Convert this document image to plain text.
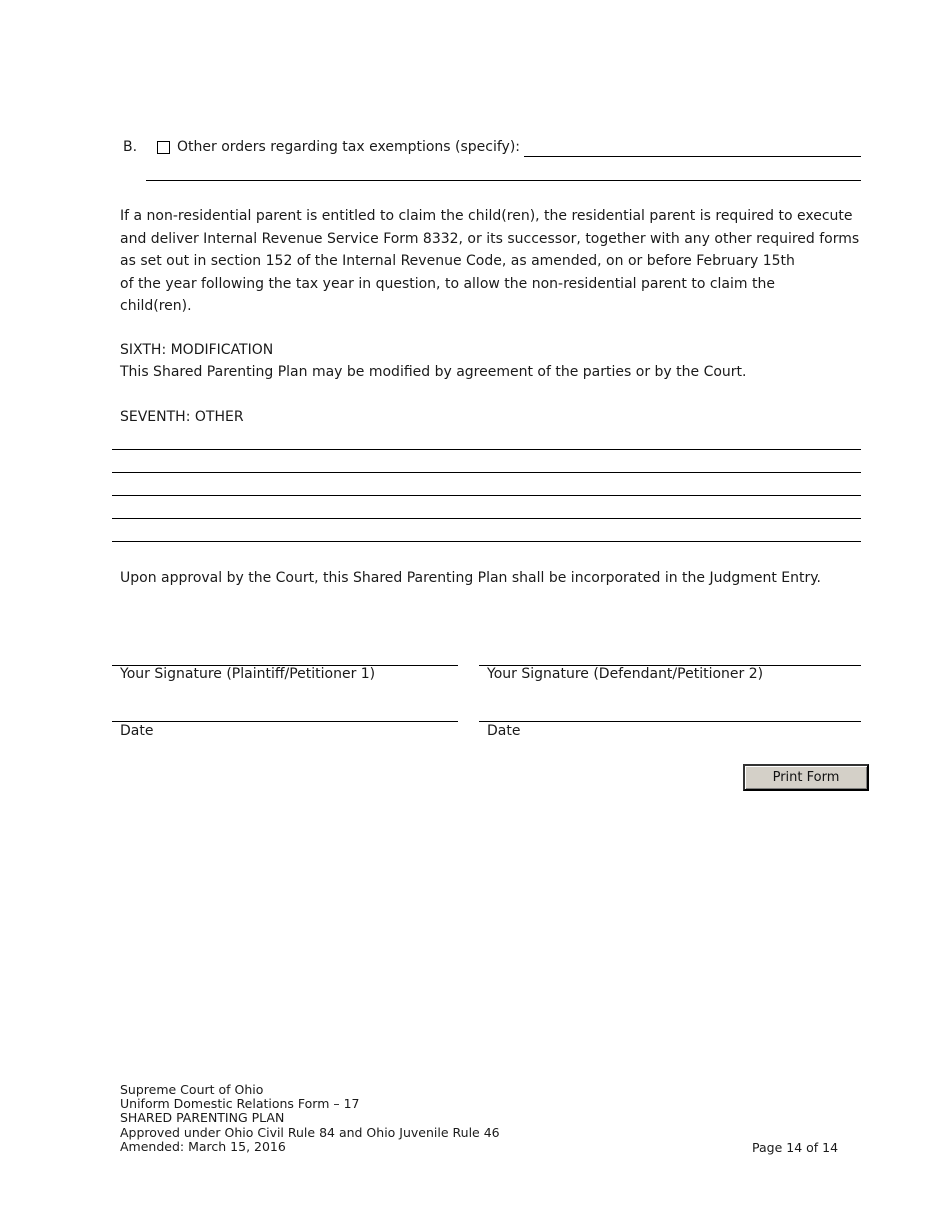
B.	Other orders regarding tax exemptions (specify):
If a non-residential parent is entitled to claim the child(ren), the residential parent is required to execute
and deliver Internal Revenue Service Form 8332, or its successor, together with any other required forms
as set out in section 152 of the Internal Revenue Code, as amended, on or before February 15th
of the year following the tax year in question, to allow the non-residential parent to claim the
child(ren).
SIXTH: MODIFICATION
This Shared Parenting Plan may be modified by agreement of the parties or by the Court.
SEVENTH: OTHER
Upon approval by the Court, this Shared Parenting Plan shall be incorporated in the Judgment Entry.
Your Signature (Plaintiff/Petitioner 1)	Your Signature (Defendant/Petitioner 2)
Date	Date
Print Form
Supreme Court of Ohio
Uniform Domestic Relations Form – 17
SHARED PARENTING PLAN
Approved under Ohio Civil Rule 84 and Ohio Juvenile Rule 46
Amended: March 15, 2016	Page 14 of 14
